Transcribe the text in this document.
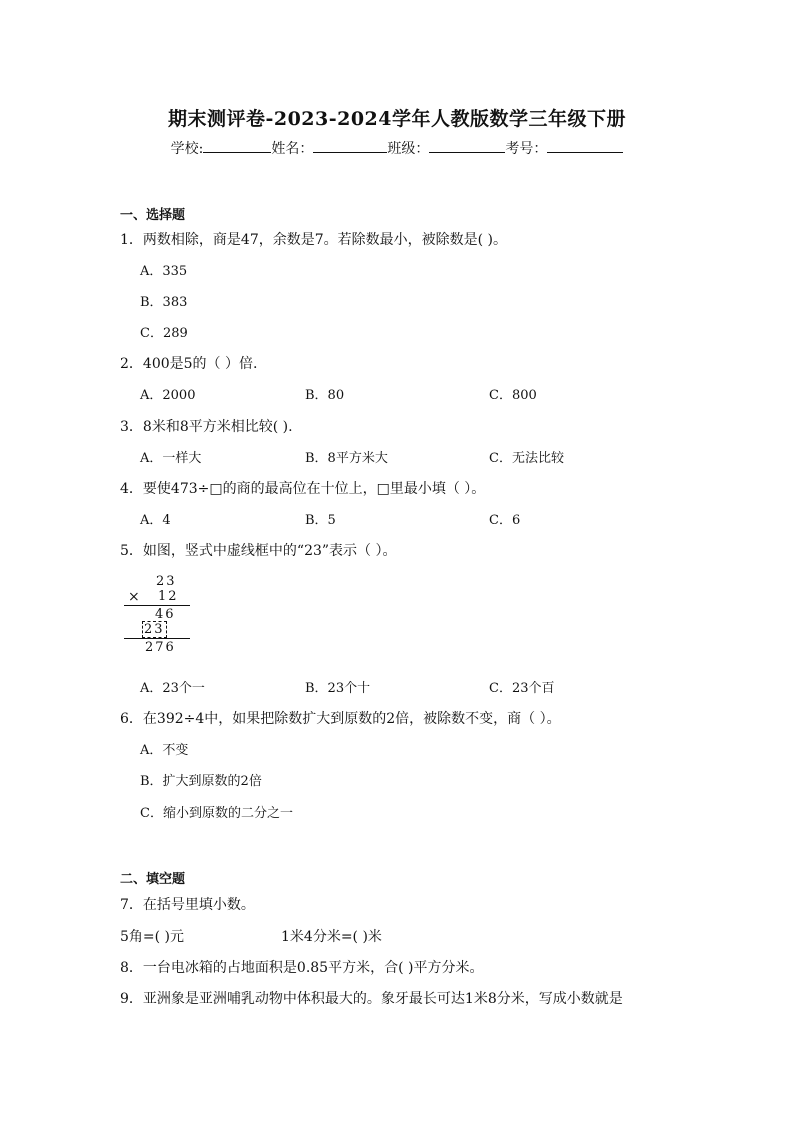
期末测评卷-2023-2024学年人教版数学三年级下册
学校:	姓名：	班级：	考号：
一、选择题
1．两数相除，商是47，余数是7。若除数最小，被除数是( )。
A．335
B．383
C．289
2．400是5的（ ）倍.
A．2000	B．80	C．800
3．8米和8平方米相比较( ).
A．一样大	B．8平方米大	C．无法比较
4．要使473÷□的商的最高位在十位上，□里最小填（ ）。
A．4	B．5	C．6
5．如图，竖式中虚线框中的“23”表示（ ）。
23
× 12
46
23
276
A．23个一	B．23个十	C．23个百
6．在392÷4中，如果把除数扩大到原数的2倍，被除数不变，商（ ）。
A．不变
B．扩大到原数的2倍
C．缩小到原数的二分之一
二、填空题
7．在括号里填小数。
5角=( )元	1米4分米=( )米
8．一台电冰箱的占地面积是0.85平方米，合( )平方分米。
9．亚洲象是亚洲哺乳动物中体积最大的。象牙最长可达1米8分米，写成小数就是
